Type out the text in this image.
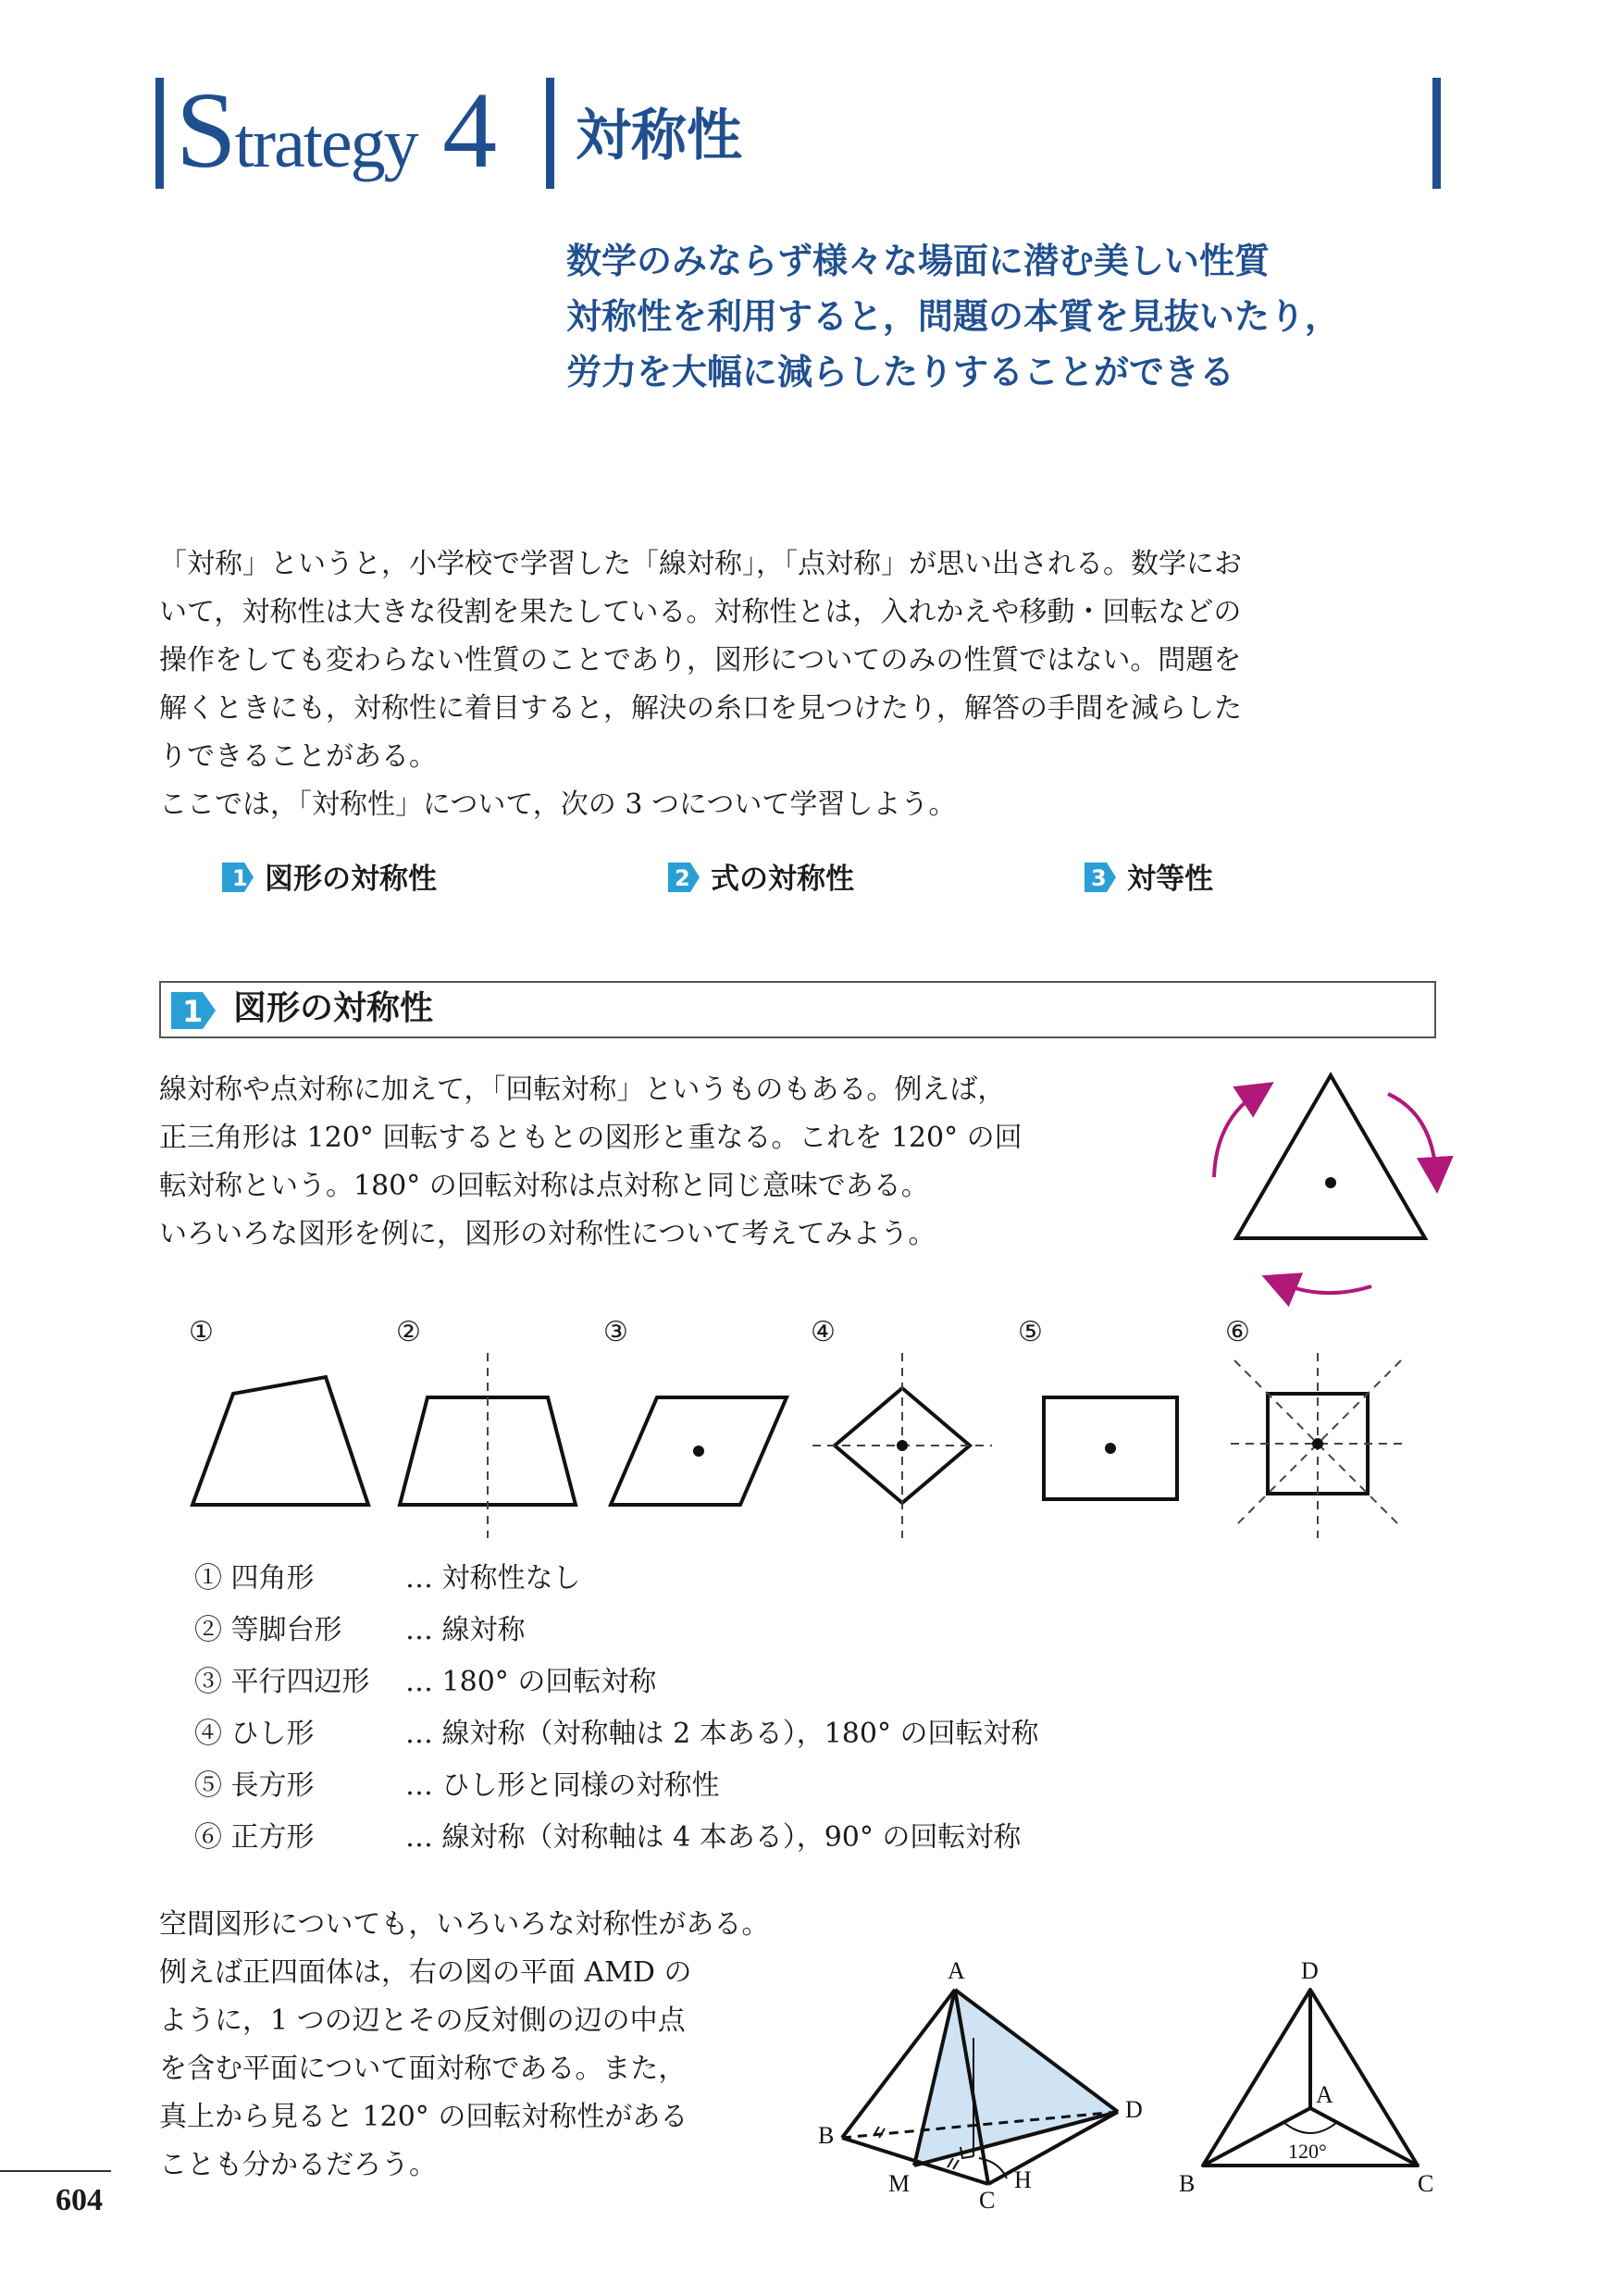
Strategy 4 対称性
数学のみならず様々な場面に潜む美しい性質
対称性を利用すると，問題の本質を見抜いたり，
労力を大幅に減らしたりすることができる
「対称」というと，小学校で学習した「線対称」，「点対称」が思い出される。数学にお
いて，対称性は大きな役割を果たしている。対称性とは，入れかえや移動・回転などの
操作をしても変わらない性質のことであり，図形についてのみの性質ではない。問題を
解くときにも，対称性に着目すると，解決の糸口を見つけたり，解答の手間を減らした
りできることがある。
ここでは，「対称性」について，次の 3 つについて学習しよう。
1 図形の対称性	2 式の対称性	3 対等性
1 図形の対称性
線対称や点対称に加えて，「回転対称」というものもある。例えば，
正三角形は 120° 回転するともとの図形と重なる。これを 120° の回
転対称という。180° の回転対称は点対称と同じ意味である。
いろいろな図形を例に，図形の対称性について考えてみよう。
①	②	③	④	⑤	⑥
① 四角形	… 対称性なし
② 等脚台形 … 線対称
③ 平行四辺形 … 180° の回転対称
④ ひし形	… 線対称（対称軸は 2 本ある），180° の回転対称
⑤ 長方形	… ひし形と同様の対称性
⑥ 正方形	… 線対称（対称軸は 4 本ある），90° の回転対称
空間図形についても，いろいろな対称性がある。
例えば正四面体は，右の図の平面 AMD の
ように，1 つの辺とその反対側の辺の中点
を含む平面について面対称である。また，
真上から見ると 120° の回転対称性がある
ことも分かるだろう。
A
B
C
D
M	H
D
A
B	C
120°
604
